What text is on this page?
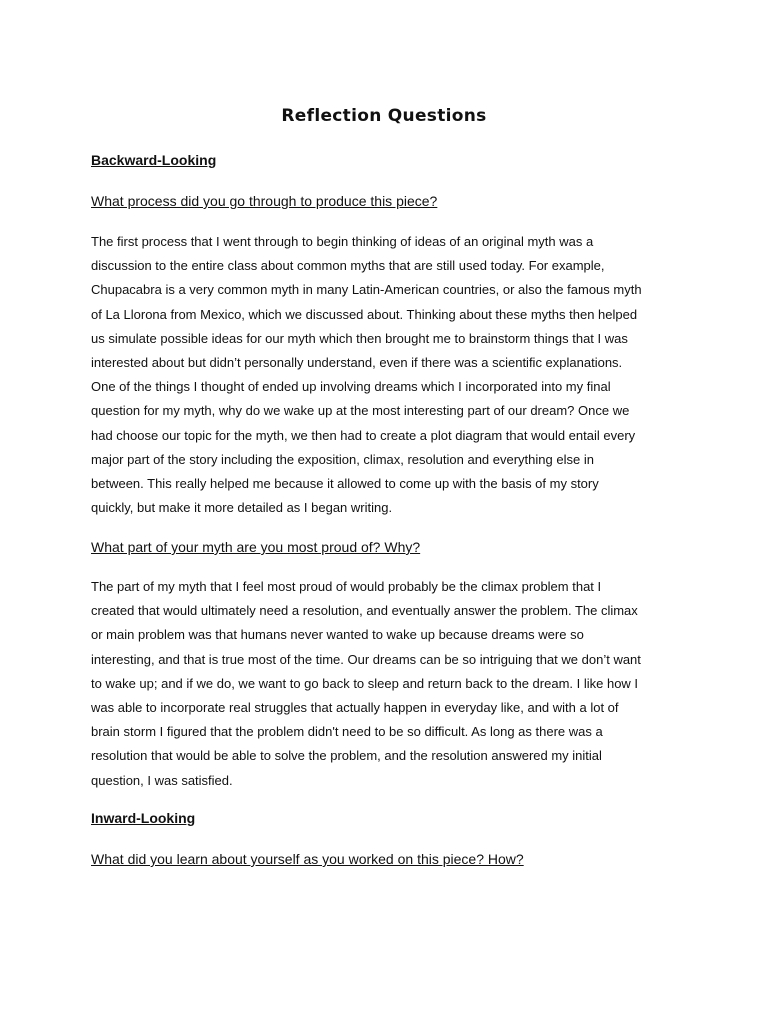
Reflection Questions
Backward-Looking

What process did you go through to produce this piece?

The first process that I went through to begin thinking of ideas of an original myth was a
discussion to the entire class about common myths that are still used today. For example,
Chupacabra is a very common myth in many Latin-American countries, or also the famous myth
of La Llorona from Mexico, which we discussed about. Thinking about these myths then helped
us simulate possible ideas for our myth which then brought me to brainstorm things that I was
interested about but didn’t personally understand, even if there was a scientific explanations.
One of the things I thought of ended up involving dreams which I incorporated into my final
question for my myth, why do we wake up at the most interesting part of our dream? Once we
had choose our topic for the myth, we then had to create a plot diagram that would entail every
major part of the story including the exposition, climax, resolution and everything else in
between. This really helped me because it allowed to come up with the basis of my story
quickly, but make it more detailed as I began writing.

What part of your myth are you most proud of? Why?

The part of my myth that I feel most proud of would probably be the climax problem that I
created that would ultimately need a resolution, and eventually answer the problem. The climax
or main problem was that humans never wanted to wake up because dreams were so
interesting, and that is true most of the time. Our dreams can be so intriguing that we don’t want
to wake up; and if we do, we want to go back to sleep and return back to the dream. I like how I
was able to incorporate real struggles that actually happen in everyday like, and with a lot of
brain storm I figured that the problem didn't need to be so difficult. As long as there was a
resolution that would be able to solve the problem, and the resolution answered my initial
question, I was satisfied.
Inward-Looking

What did you learn about yourself as you worked on this piece? How?
